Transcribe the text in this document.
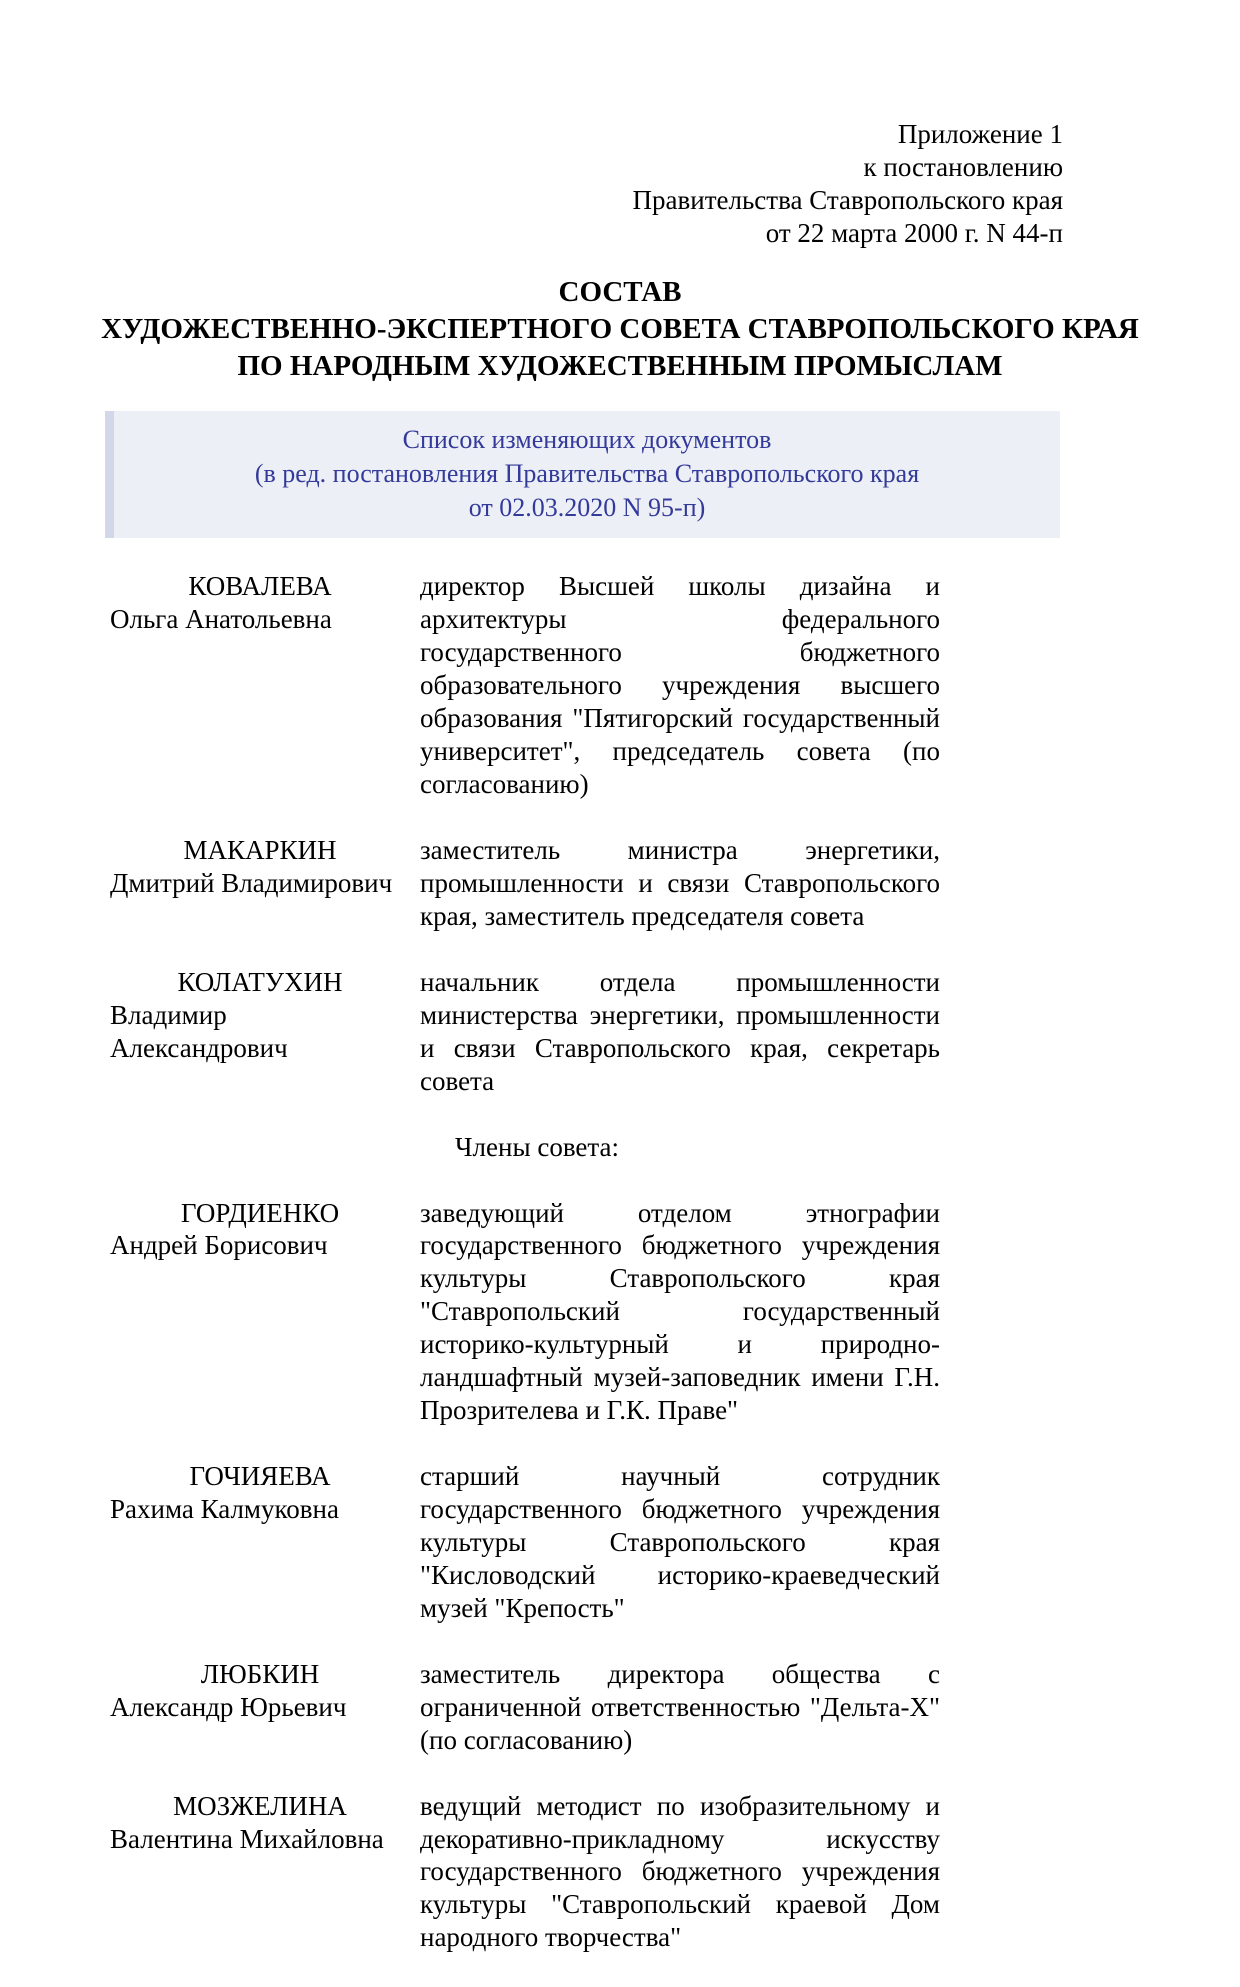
Приложение 1
к постановлению
Правительства Ставропольского края
от 22 марта 2000 г. N 44-п
СОСТАВ
ХУДОЖЕСТВЕННО-ЭКСПЕРТНОГО СОВЕТА СТАВРОПОЛЬСКОГО КРАЯ
ПО НАРОДНЫМ ХУДОЖЕСТВЕННЫМ ПРОМЫСЛАМ
Список изменяющих документов
(в ред. постановления Правительства Ставропольского края
от 02.03.2020 N 95-п)
КОВАЛЕВА
Ольга Анатольевна
директор Высшей школы дизайна и архитектуры федерального государственного бюджетного образовательного учреждения высшего образования "Пятигорский государственный университет", председатель совета (по согласованию)
МАКАРКИН
Дмитрий Владимирович
заместитель министра энергетики, промышленности и связи Ставропольского края, заместитель председателя совета
КОЛАТУХИН
Владимир Александрович
начальник отдела промышленности министерства энергетики, промышленности и связи Ставропольского края, секретарь совета
Члены совета:
ГОРДИЕНКО
Андрей Борисович
заведующий отделом этнографии государственного бюджетного учреждения культуры Ставропольского края "Ставропольский государственный историко-культурный и природно-ландшафтный музей-заповедник имени Г.Н. Прозрителева и Г.К. Праве"
ГОЧИЯЕВА
Рахима Калмуковна
старший научный сотрудник государственного бюджетного учреждения культуры Ставропольского края "Кисловодский историко-краеведческий музей "Крепость"
ЛЮБКИН
Александр Юрьевич
заместитель директора общества с ограниченной ответственностью "Дельта-Х" (по согласованию)
МОЗЖЕЛИНА
Валентина Михайловна
ведущий методист по изобразительному и декоративно-прикладному искусству государственного бюджетного учреждения культуры "Ставропольский краевой Дом народного творчества"
